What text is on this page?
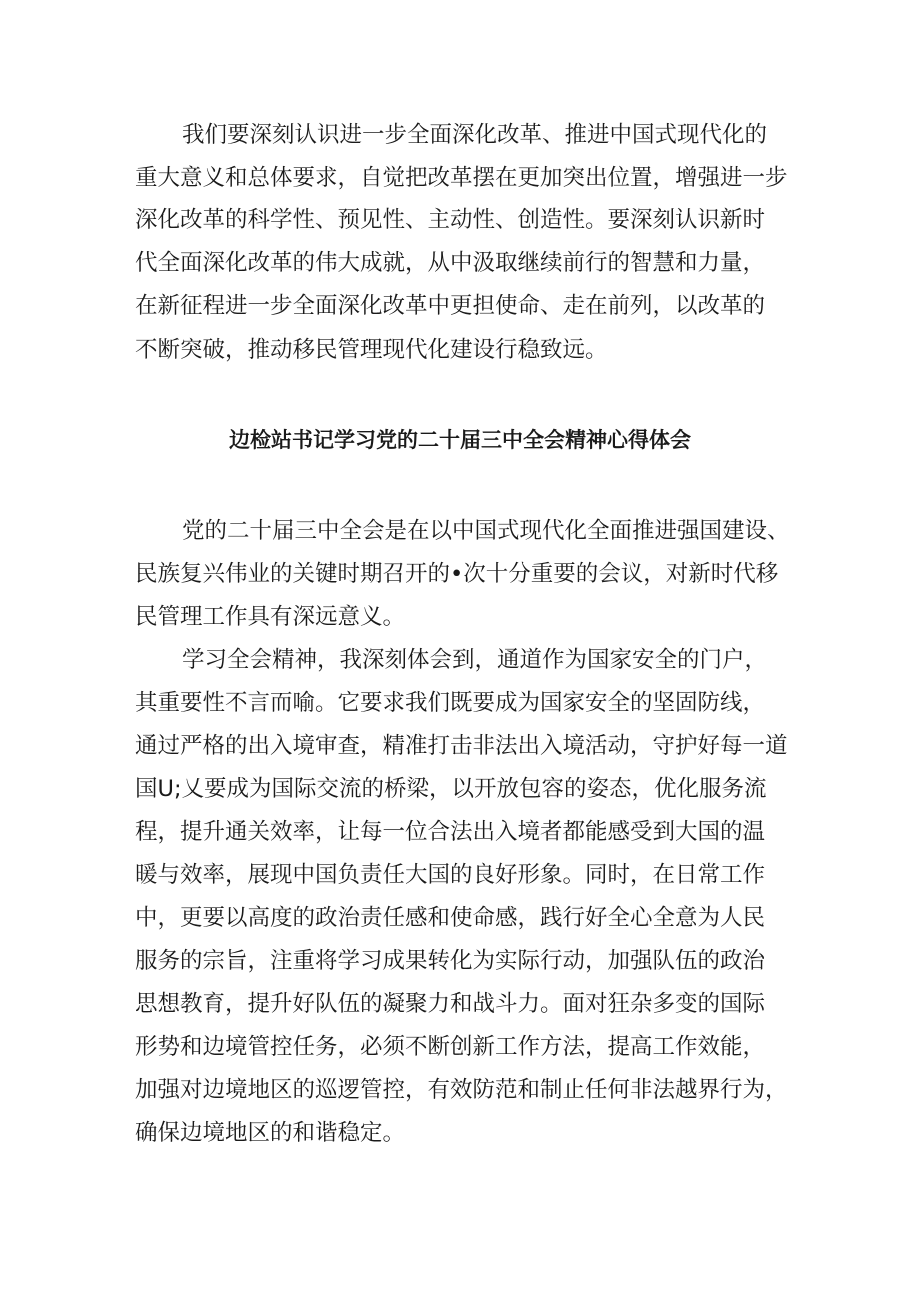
我们要深刻认识进一步全面深化改革、推进中国式现代化的
重大意义和总体要求，自觉把改革摆在更加突出位置，增强进一步
深化改革的科学性、预见性、主动性、创造性。要深刻认识新时
代全面深化改革的伟大成就，从中汲取继续前行的智慧和力量，
在新征程进一步全面深化改革中更担使命、走在前列，以改革的
不断突破，推动移民管理现代化建设行稳致远。
边检站书记学习党的二十届三中全会精神心得体会
党的二十届三中全会是在以中国式现代化全面推进强国建设、
民族复兴伟业的关键时期召开的•次十分重要的会议，对新时代移
民管理工作具有深远意义。
学习全会精神，我深刻体会到，通道作为国家安全的门户，
其重要性不言而喻。它要求我们既要成为国家安全的坚固防线，
通过严格的出入境审查，精准打击非法出入境活动，守护好每一道
国U;乂要成为国际交流的桥梁，以开放包容的姿态，优化服务流
程，提升通关效率，让每一位合法出入境者都能感受到大国的温
暖与效率，展现中国负责任大国的良好形象。同时，在日常工作
中，更要以高度的政治责任感和使命感，践行好全心全意为人民
服务的宗旨，注重将学习成果转化为实际行动，加强队伍的政治
思想教育，提升好队伍的凝聚力和战斗力。面对狂杂多变的国际
形势和边境管控任务，必须不断创新工作方法，提高工作效能，
加强对边境地区的巡逻管控，有效防范和制止任何非法越界行为，
确保边境地区的和谐稳定。
